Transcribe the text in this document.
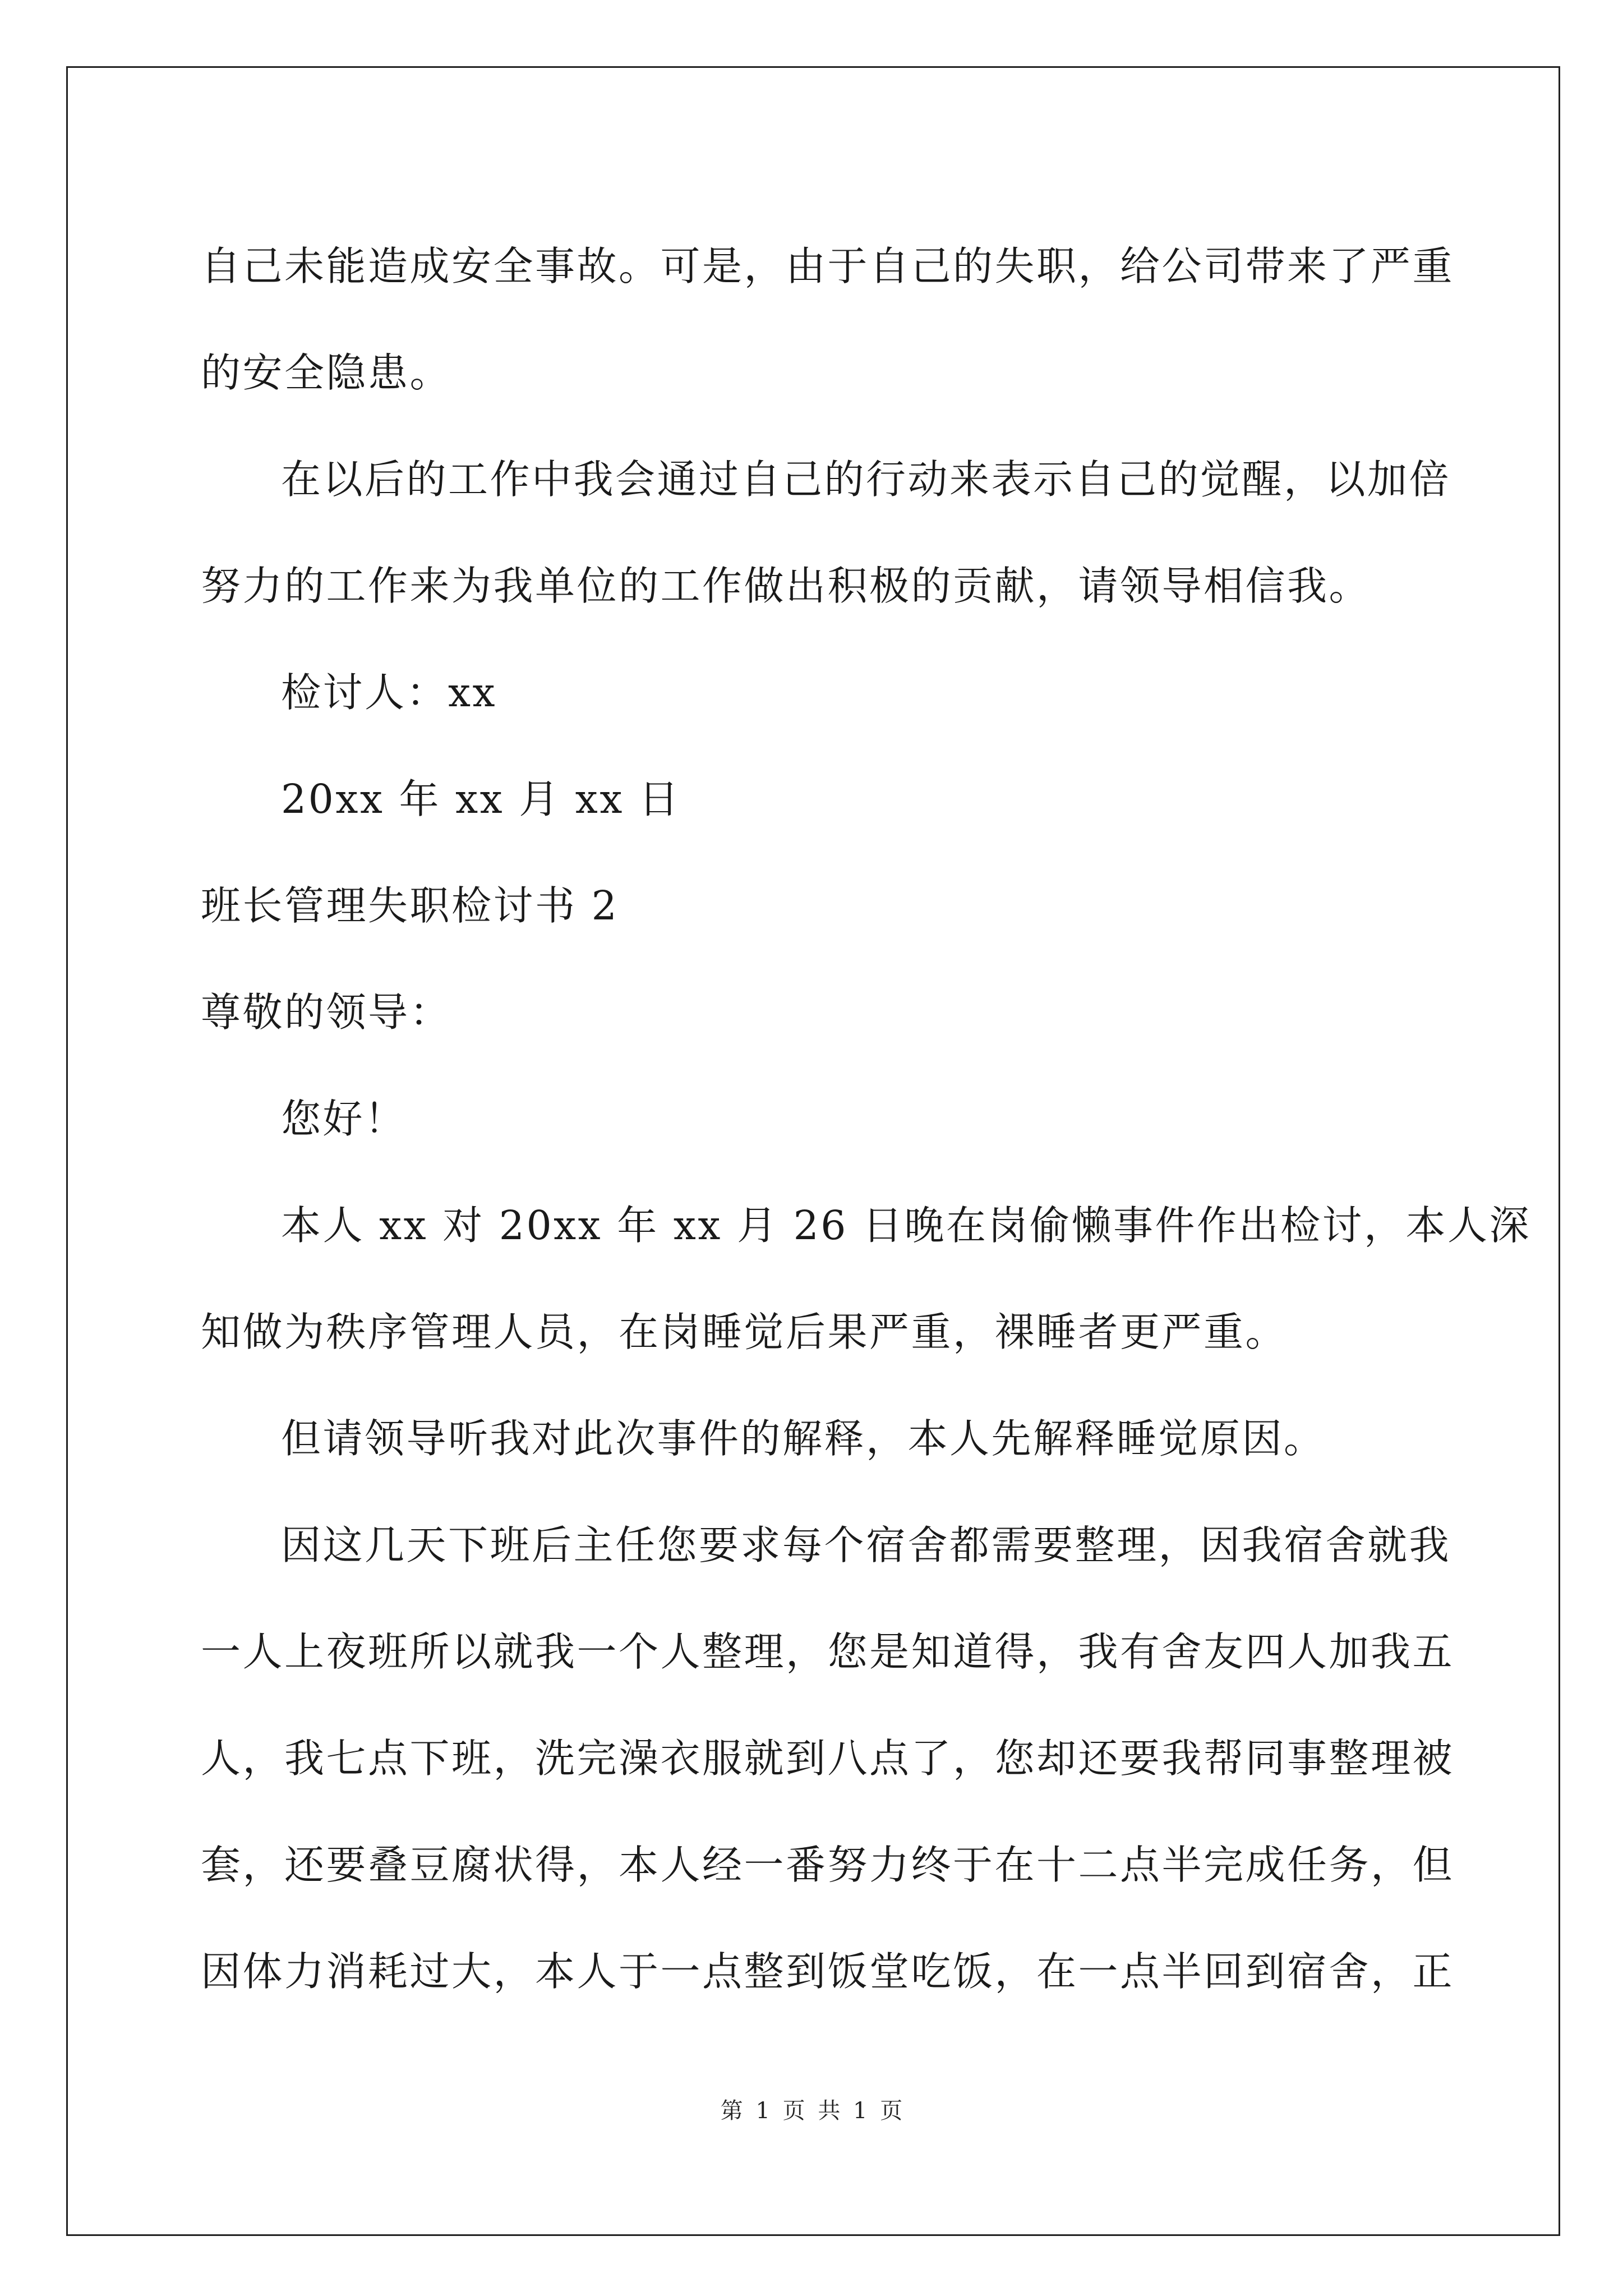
自己未能造成安全事故。可是，由于自己的失职，给公司带来了严重

的安全隐患。

在以后的工作中我会通过自己的行动来表示自己的觉醒，以加倍

努力的工作来为我单位的工作做出积极的贡献，请领导相信我。

检讨人：xx

20xx 年 xx 月 xx 日

班长管理失职检讨书 2

尊敬的领导：

您好！

本人 xx 对 20xx 年 xx 月 26 日晚在岗偷懒事件作出检讨，本人深

知做为秩序管理人员，在岗睡觉后果严重，裸睡者更严重。

但请领导听我对此次事件的解释，本人先解释睡觉原因。

因这几天下班后主任您要求每个宿舍都需要整理，因我宿舍就我

一人上夜班所以就我一个人整理，您是知道得，我有舍友四人加我五

人，我七点下班，洗完澡衣服就到八点了，您却还要我帮同事整理被

套，还要叠豆腐状得，本人经一番努力终于在十二点半完成任务，但

因体力消耗过大，本人于一点整到饭堂吃饭，在一点半回到宿舍，正

第 1 页 共 1 页
